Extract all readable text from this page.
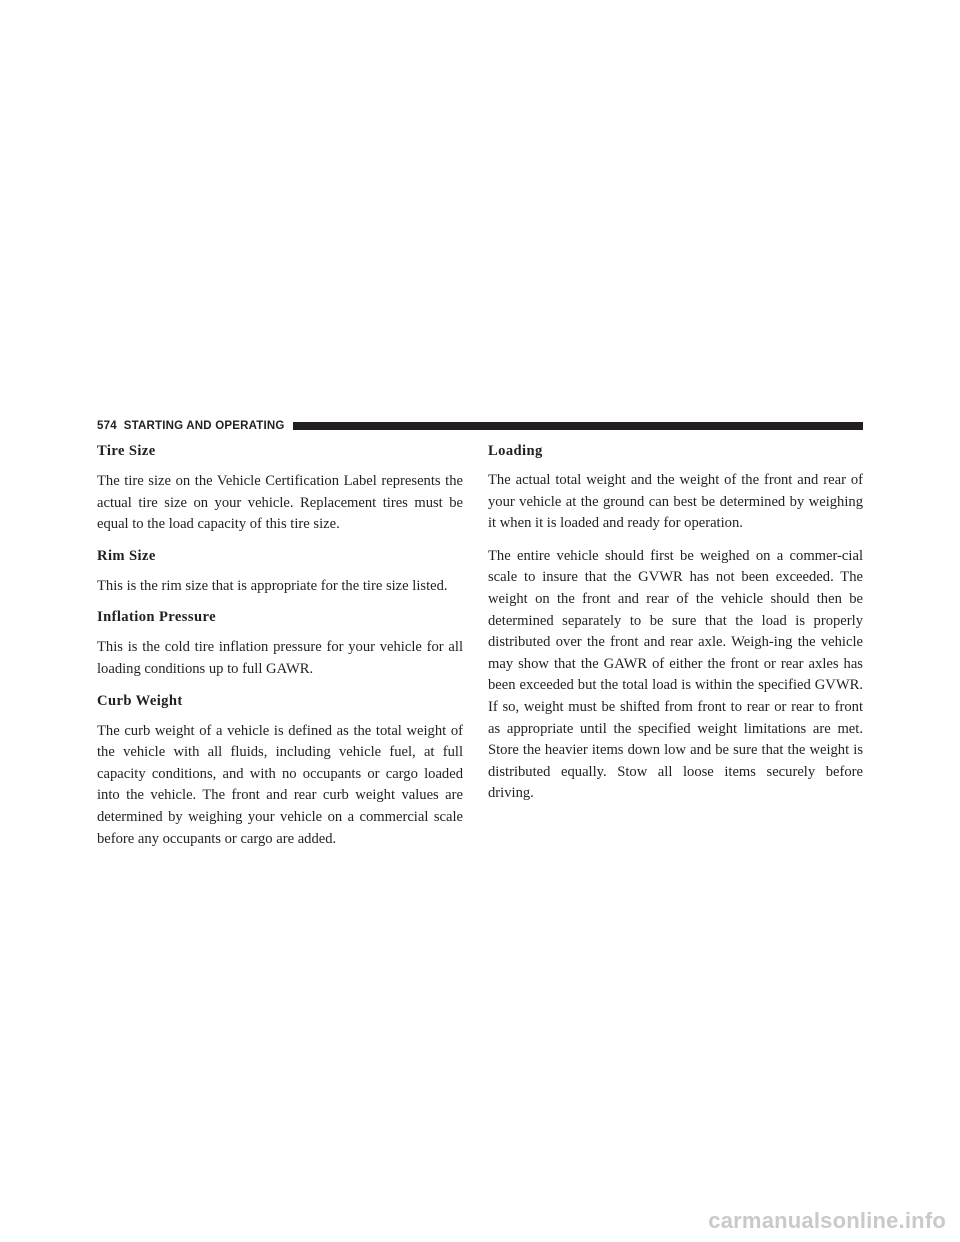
574 STARTING AND OPERATING
Tire Size

The tire size on the Vehicle Certification Label represents the actual tire size on your vehicle. Replacement tires must be equal to the load capacity of this tire size.

Rim Size

This is the rim size that is appropriate for the tire size listed.

Inflation Pressure

This is the cold tire inflation pressure for your vehicle for all loading conditions up to full GAWR.

Curb Weight

The curb weight of a vehicle is defined as the total weight of the vehicle with all fluids, including vehicle fuel, at full capacity conditions, and with no occupants or cargo loaded into the vehicle. The front and rear curb weight values are determined by weighing your vehicle on a commercial scale before any occupants or cargo are added.

Loading

The actual total weight and the weight of the front and rear of your vehicle at the ground can best be determined by weighing it when it is loaded and ready for operation.

The entire vehicle should first be weighed on a commer-cial scale to insure that the GVWR has not been exceeded. The weight on the front and rear of the vehicle should then be determined separately to be sure that the load is properly distributed over the front and rear axle. Weigh-ing the vehicle may show that the GAWR of either the front or rear axles has been exceeded but the total load is within the specified GVWR. If so, weight must be shifted from front to rear or rear to front as appropriate until the specified weight limitations are met. Store the heavier items down low and be sure that the weight is distributed equally. Stow all loose items securely before driving.

carmanualsonline.info
